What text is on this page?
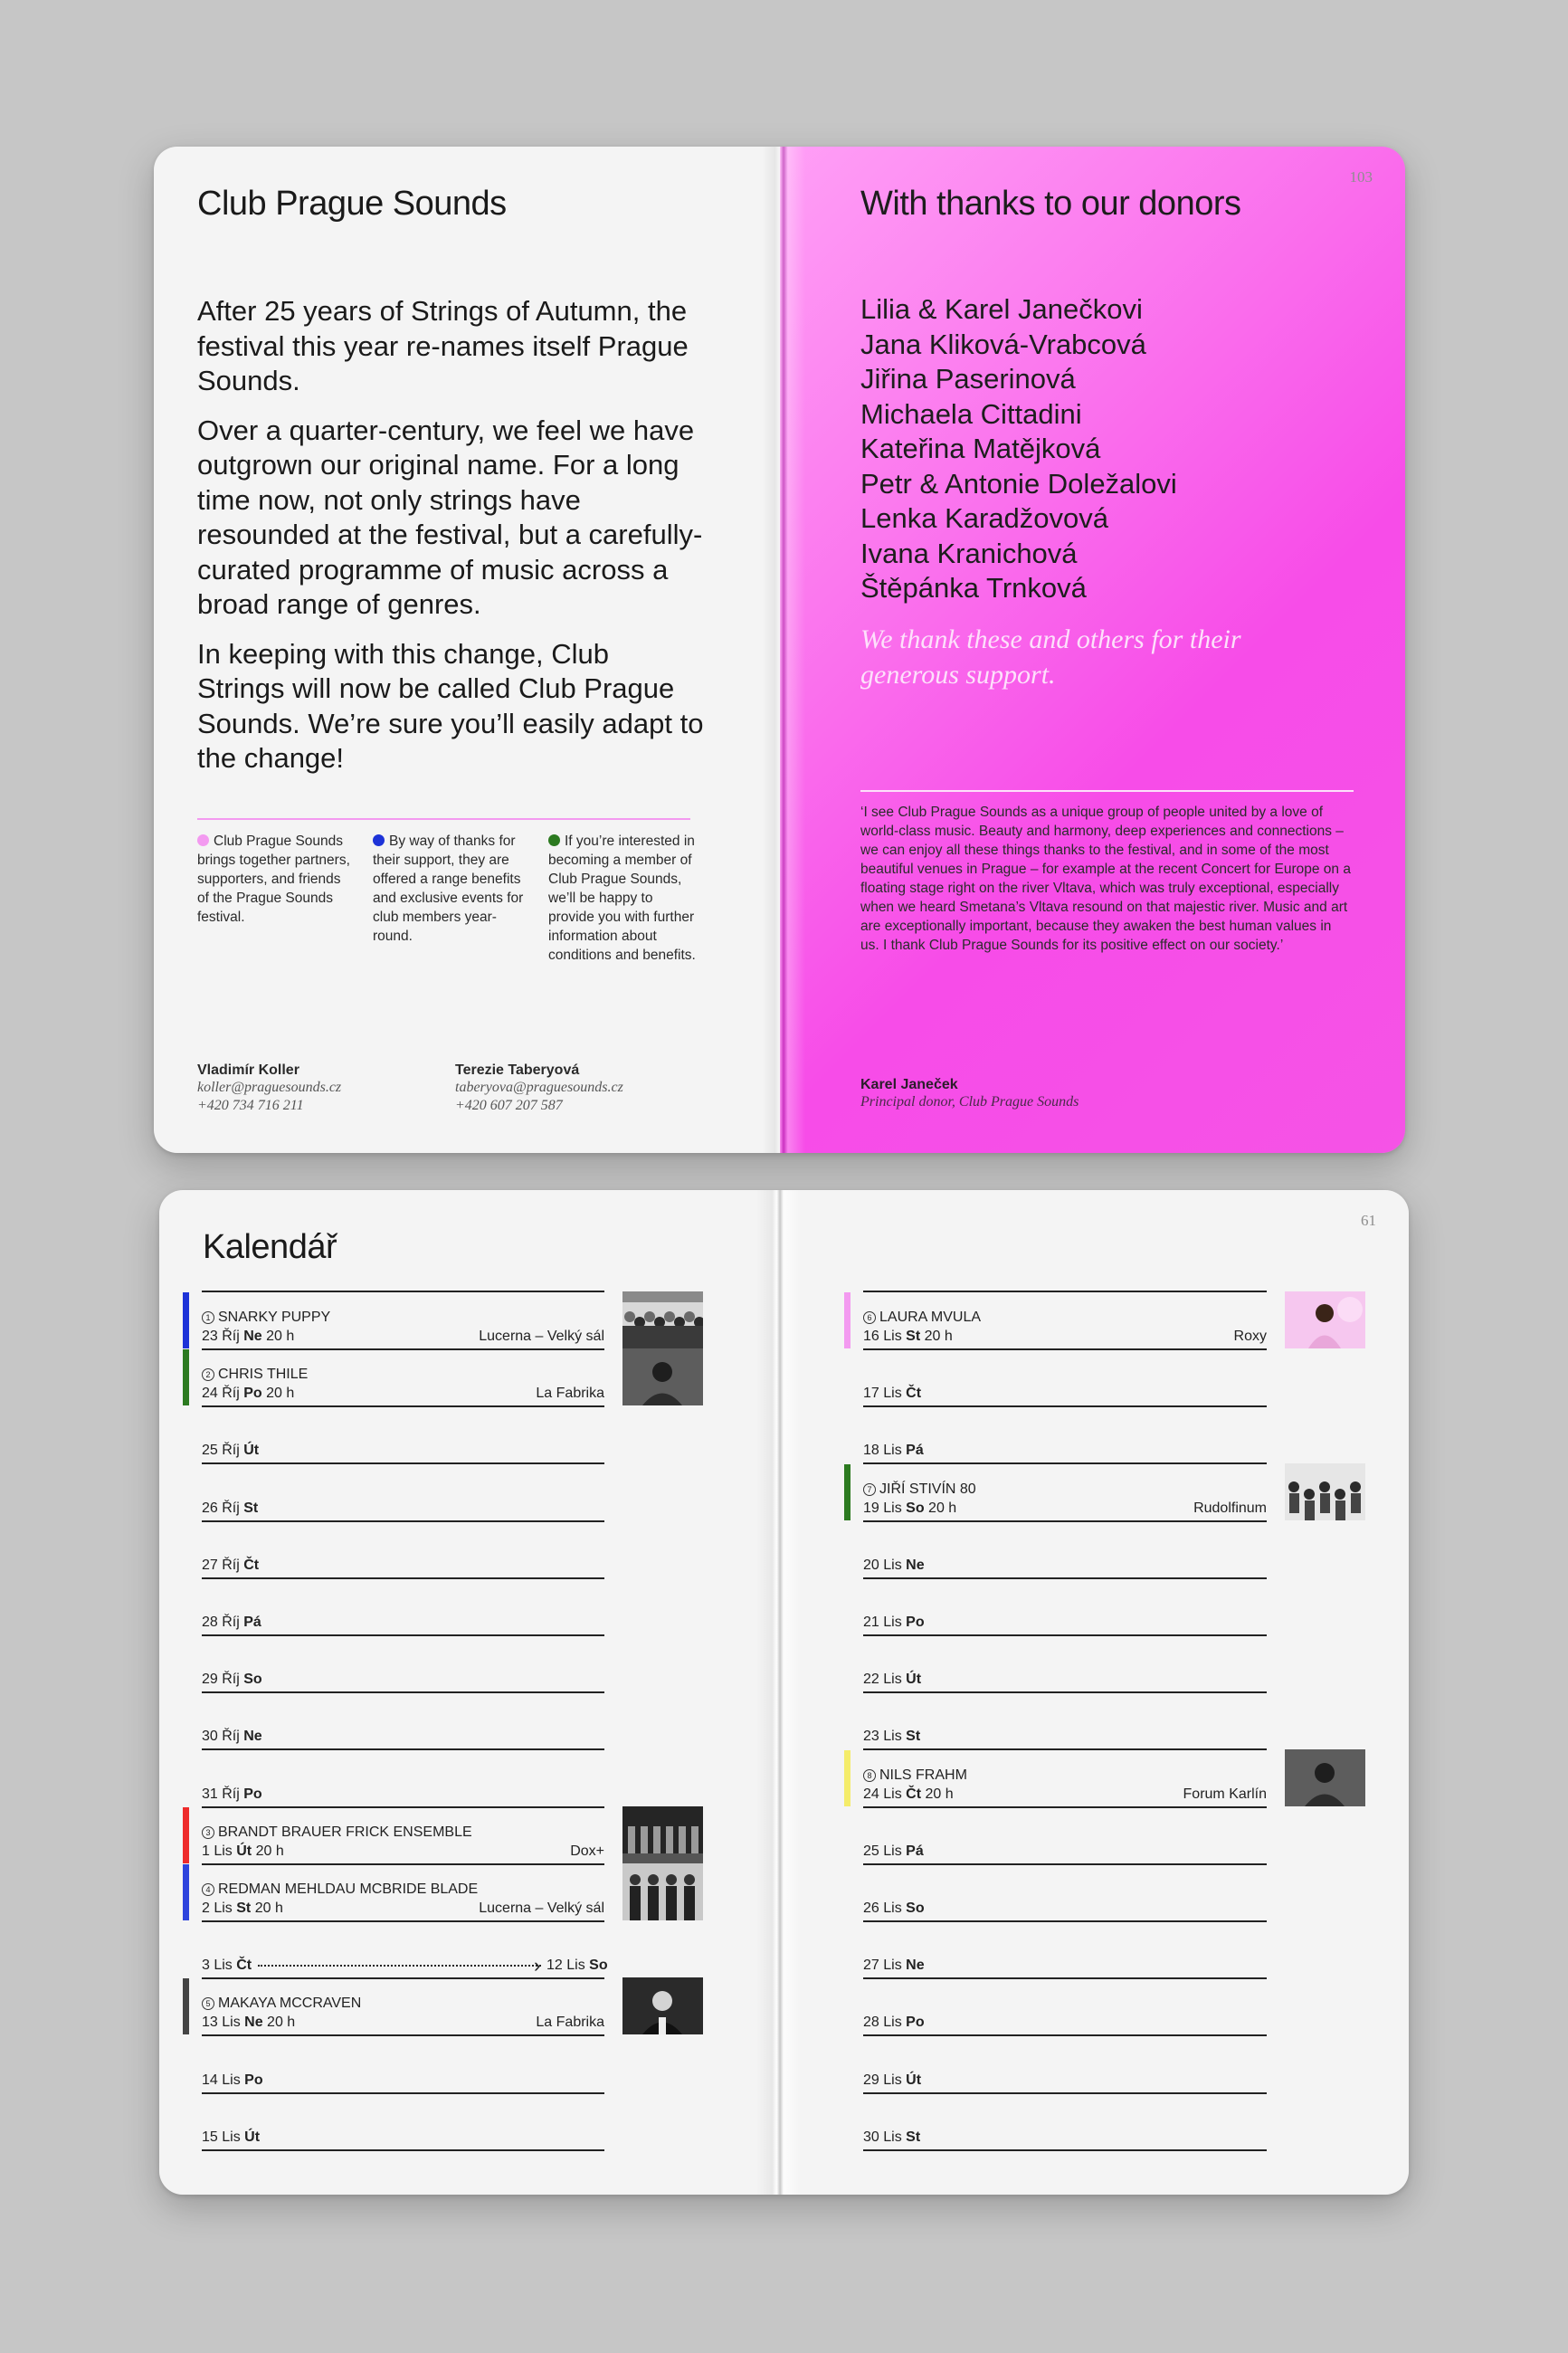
Club Prague Sounds

After 25 years of Strings of Autumn, the festival this year re-names itself Prague Sounds.

Over a quarter-century, we feel we have outgrown our original name. For a long time now, not only strings have resounded at the festival, but a carefully-curated programme of music across a broad range of genres.

In keeping with this change, Club Strings will now be called Club Prague Sounds. We’re sure you’ll easily adapt to the change!

Club Prague Sounds brings together partners, supporters, and friends of the Prague Sounds festival.
By way of thanks for their support, they are offered a range benefits and exclusive events for club members year-round.
If you’re interested in becoming a member of Club Prague Sounds, we’ll be happy to provide you with further information about conditions and benefits.
Vladimír Koller
koller@praguesounds.cz
+420 734 716 211
Terezie Taberyová
taberyova@praguesounds.cz
+420 607 207 587
103
With thanks to our donors
Lilia & Karel Janečkovi
Jana Kliková-Vrabcová
Jiřina Paserinová
Michaela Cittadini
Kateřina Matějková
Petr & Antonie Doležalovi
Lenka Karadžovová
Ivana Kranichová
Štěpánka Trnková
We thank these and others for their generous support.
‘I see Club Prague Sounds as a unique group of people united by a love of world-class music. Beauty and harmony, deep experiences and connections – we can enjoy all these things thanks to the festival, and in some of the most beautiful venues in Prague – for example at the recent Concert for Europe on a floating stage right on the river Vltava, which was truly exceptional, especially when we heard Smetana’s Vltava resound on that majestic river. Music and art are exceptionally important, because they awaken the best human values in us. I thank Club Prague Sounds for its positive effect on our society.’
Karel Janeček
Principal donor, Club Prague Sounds
Kalendář
23 Říj Ne 20 h
1 SNARKY PUPPY
Lucerna – Velký sál
24 Říj Po 20 h
2 CHRIS THILE
La Fabrika
25 Říj Út
26 Říj St
27 Říj Čt
28 Říj Pá
29 Říj So
30 Říj Ne
31 Říj Po
1 Lis Út 20 h
3 BRANDT BRAUER FRICK ENSEMBLE
Dox+
2 Lis St 20 h
4 REDMAN MEHLDAU MCBRIDE BLADE
Lucerna – Velký sál
3 Lis Čt	› 12 Lis So
13 Lis Ne 20 h
5 MAKAYA MCCRAVEN
La Fabrika
14 Lis Po
15 Lis Út
61
16 Lis St 20 h
6 LAURA MVULA
Roxy
17 Lis Čt
18 Lis Pá
19 Lis So 20 h
7 JIŘÍ STIVÍN 80
Rudolfinum
20 Lis Ne
21 Lis Po
22 Lis Út
23 Lis St
24 Lis Čt 20 h
8 NILS FRAHM
Forum Karlín
25 Lis Pá
26 Lis So
27 Lis Ne
28 Lis Po
29 Lis Út
30 Lis St
